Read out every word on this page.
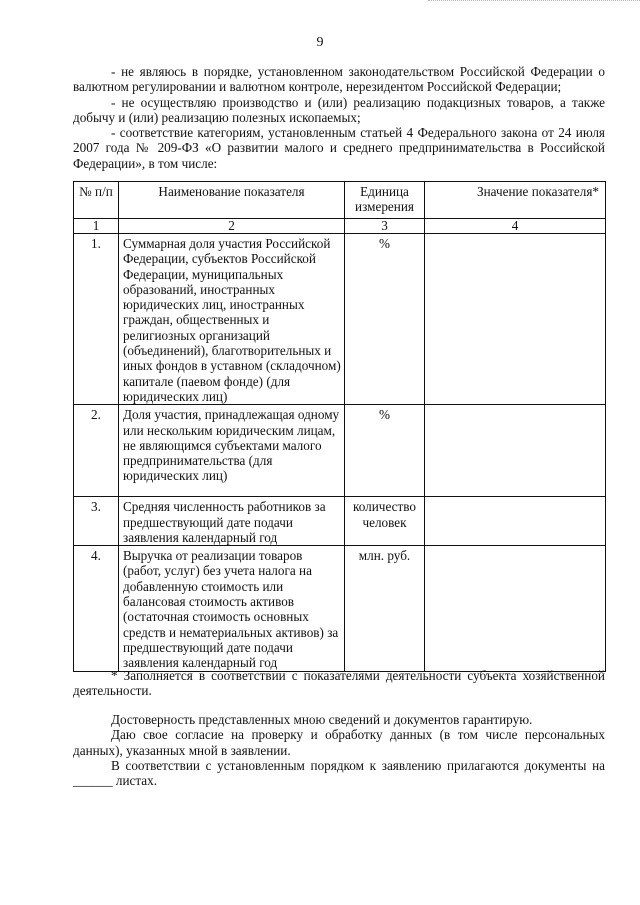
9

- не являюсь в порядке, установленном законодательством Российской Федерации о валютном регулировании и валютном контроле, нерезидентом Российской Федерации;

- не осуществляю производство и (или) реализацию подакцизных товаров, а также добычу и (или) реализацию полезных ископаемых;

- соответствие категориям, установленным статьей 4 Федерального закона от 24 июля 2007 года № 209-ФЗ «О развитии малого и среднего предпринимательства в Российской Федерации», в том числе:

№ п/п	Наименование показателя	Единица измерения	Значение показателя*
1	2	3	4
1.	Суммарная доля участия Российской Федерации, субъектов Российской Федерации, муниципальных образований, иностранных юридических лиц, иностранных граждан, общественных и религиозных организаций (объединений), благотворительных и иных фондов в уставном (складочном) капитале (паевом фонде) (для юридических лиц)	%	
2.	Доля участия, принадлежащая одному или нескольким юридическим лицам, не являющимся субъектами малого предпринимательства (для юридических лиц)	%	
3.	Средняя численность работников за предшествующий дате подачи заявления календарный год	количество человек	
4.	Выручка от реализации товаров (работ, услуг) без учета налога на добавленную стоимость или балансовая стоимость активов (остаточная стоимость основных средств и нематериальных активов) за предшествующий дате подачи заявления календарный год	млн. руб.	
* Заполняется в соответствии с показателями деятельности субъекта хозяйственной
деятельности.

Достоверность представленных мною сведений и документов гарантирую.

Даю свое согласие на проверку и обработку данных (в том числе персональных данных), указанных мной в заявлении.

В соответствии с установленным порядком к заявлению прилагаются документы на ______ листах.
